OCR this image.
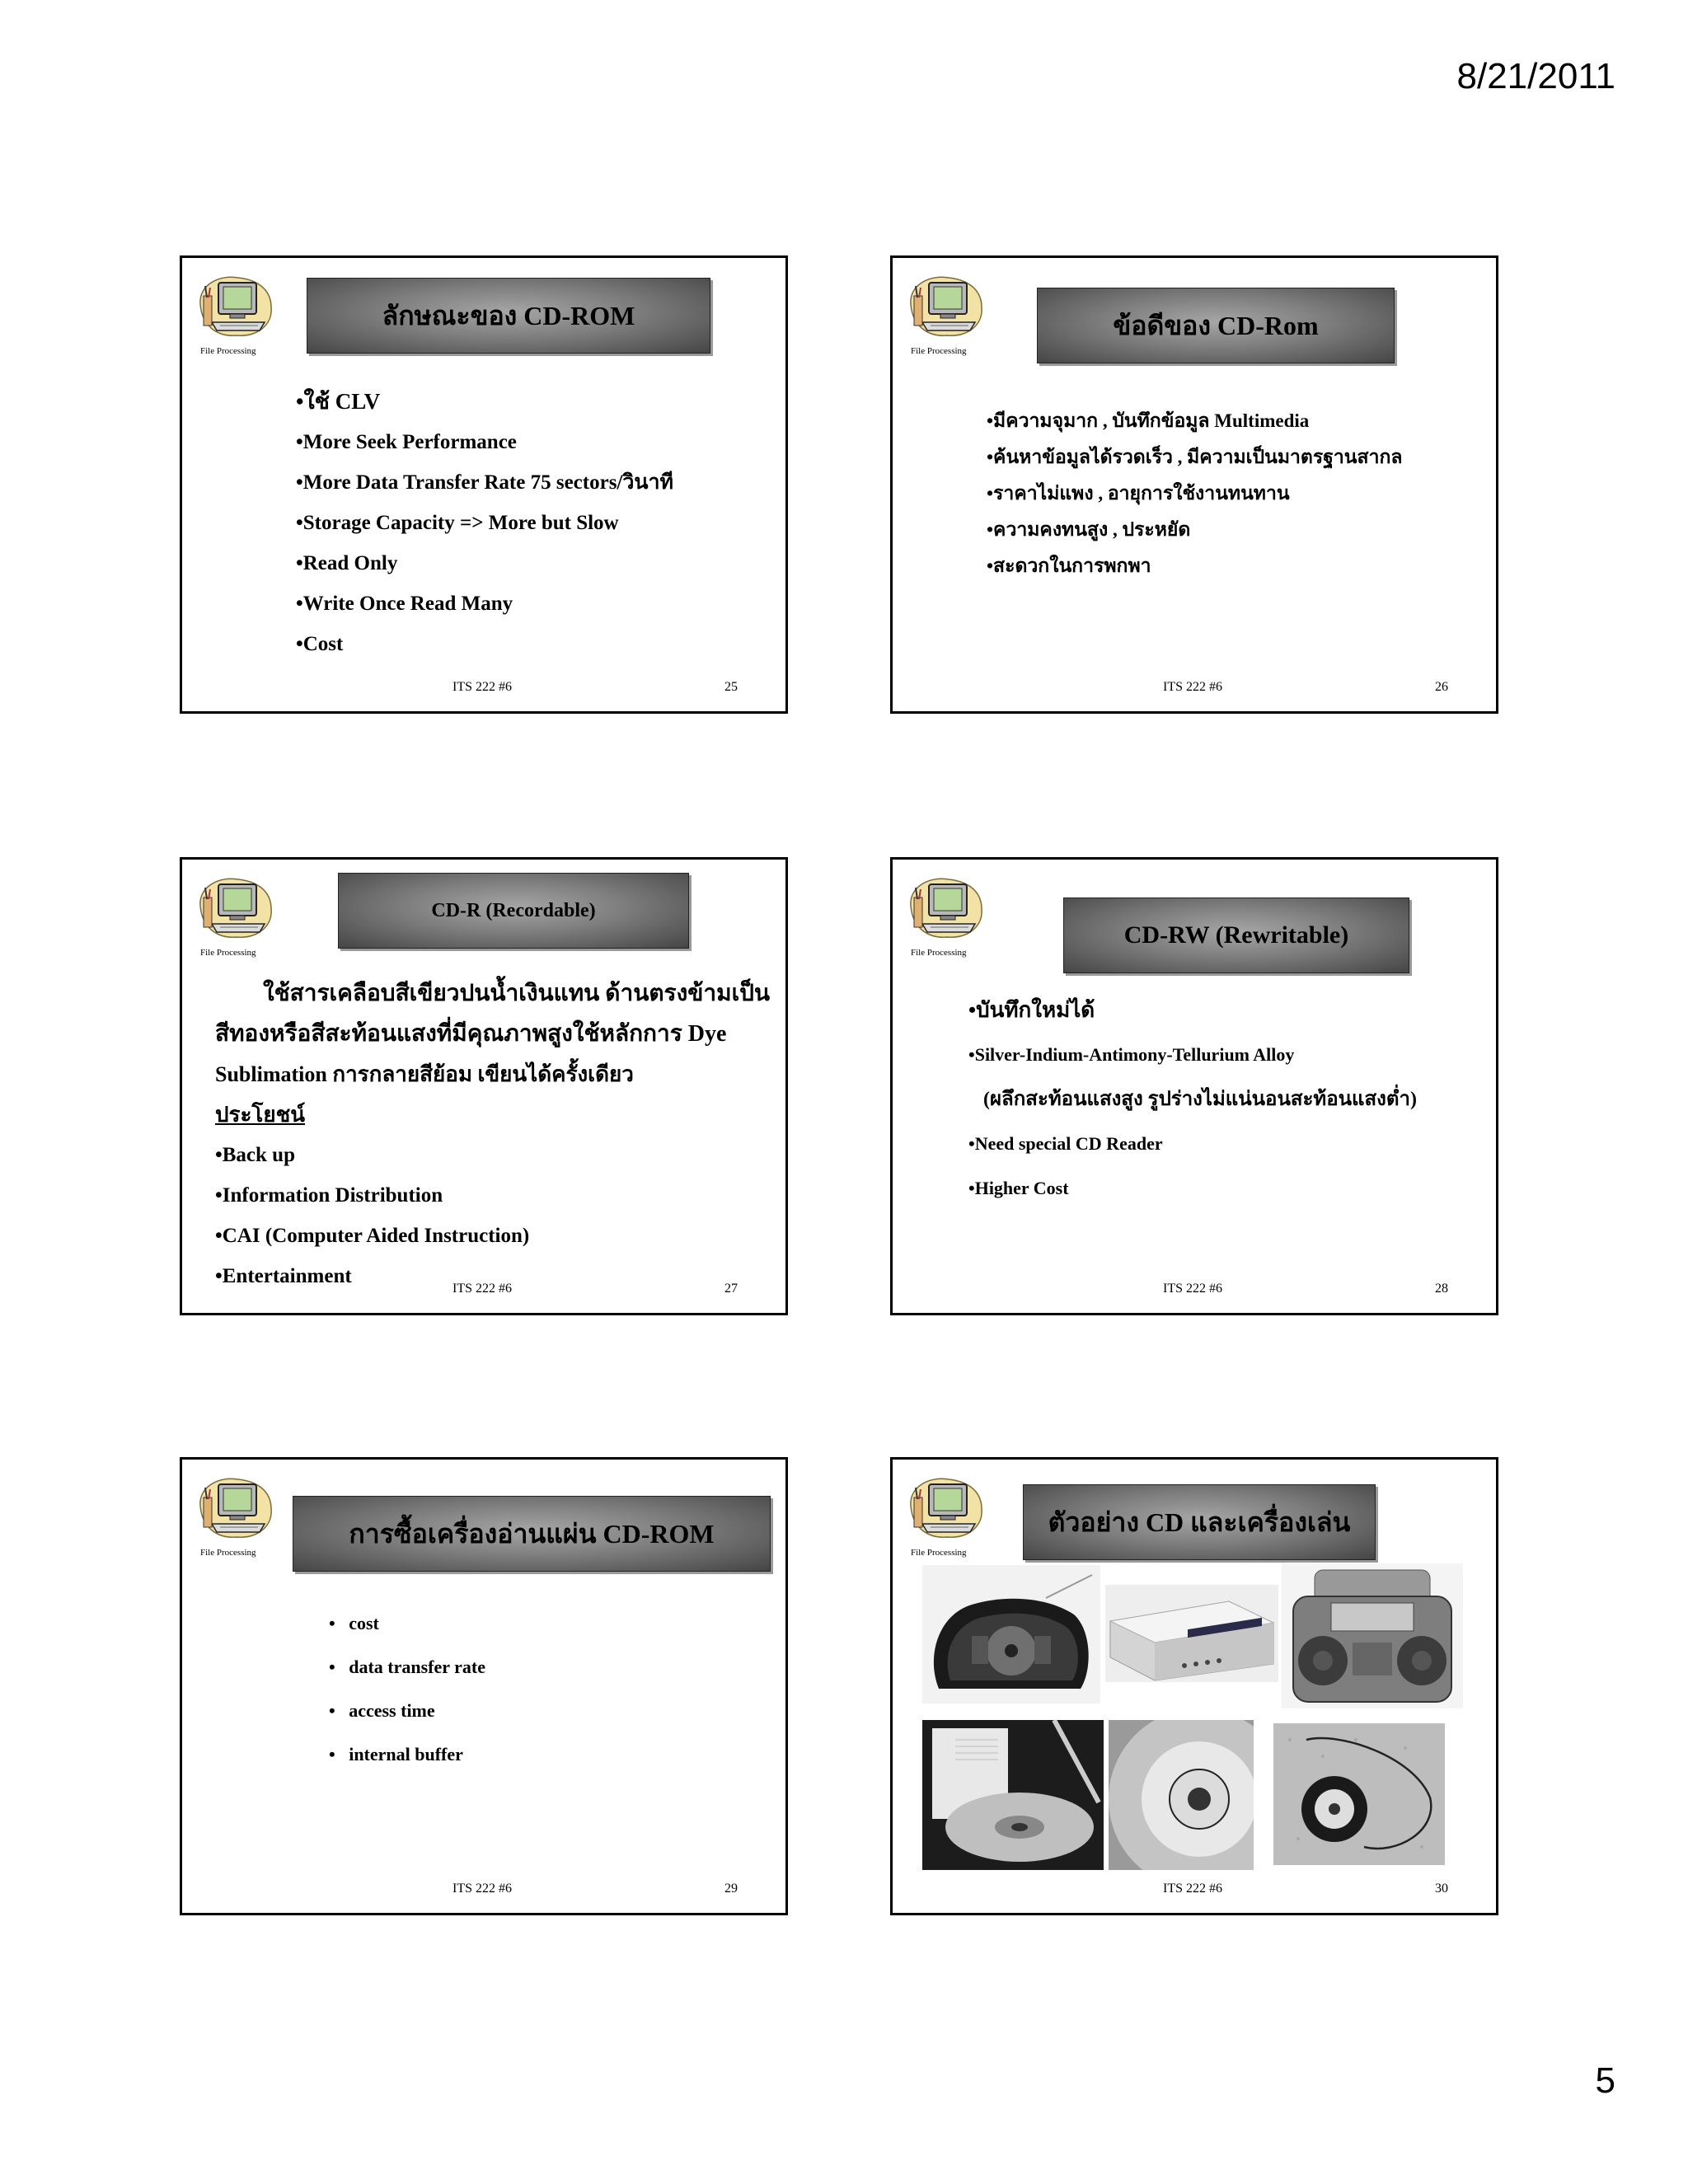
8/21/2011
File Processing
ลักษณะของ CD-ROM
•ใช้ CLV
•More Seek Performance
•More Data Transfer Rate 75 sectors/วินาที
•Storage Capacity => More but Slow
•Read Only
•Write Once Read Many
•Cost
ITS 222 #6	25
File Processing
ข้อดีของ CD-Rom
•มีความจุมาก , บันทึกข้อมูล Multimedia
•ค้นหาข้อมูลได้รวดเร็ว , มีความเป็นมาตรฐานสากล
•ราคาไม่แพง , อายุการใช้งานทนทาน
•ความคงทนสูง , ประหยัด
•สะดวกในการพกพา
ITS 222 #6	26
File Processing
CD-R (Recordable)
ใช้สารเคลือบสีเขียวปนน้ำเงินแทน ด้านตรงข้ามเป็น
สีทองหรือสีสะท้อนแสงที่มีคุณภาพสูงใช้หลักการ Dye
Sublimation การกลายสีย้อม เขียนได้ครั้งเดียว
ประโยชน์
•Back up
•Information Distribution
•CAI (Computer Aided Instruction)
•Entertainment
ITS 222 #6	27
File Processing
CD-RW (Rewritable)
•บันทึกใหม่ได้
•Silver-Indium-Antimony-Tellurium Alloy
(ผลึกสะท้อนแสงสูง รูปร่างไม่แน่นอนสะท้อนแสงต่ำ)
•Need special CD Reader
•Higher Cost
ITS 222 #6	28
File Processing
การซื้อเครื่องอ่านแผ่น CD-ROM
•   cost
•   data transfer rate
•   access time
•   internal buffer
ITS 222 #6	29
File Processing
ตัวอย่าง CD และเครื่องเล่น
ITS 222 #6	30
5
